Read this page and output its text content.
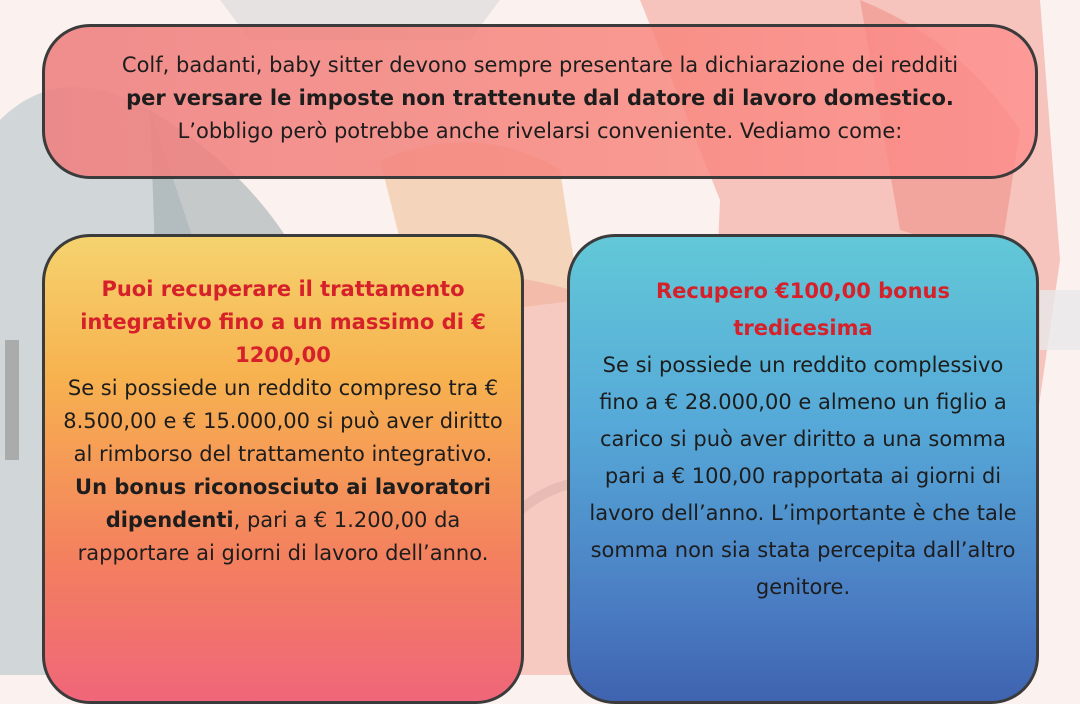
Colf, badanti, baby sitter devono sempre presentare la dichiarazione dei redditi
per versare le imposte non trattenute dal datore di lavoro domestico.
L’obbligo però potrebbe anche rivelarsi conveniente. Vediamo come:
Puoi recuperare il trattamento integrativo fino a un massimo di € 1200,00
Se si possiede un reddito compreso tra € 8.500,00 e € 15.000,00 si può aver diritto al rimborso del trattamento integrativo. Un bonus riconosciuto ai lavoratori dipendenti, pari a € 1.200,00 da rapportare ai giorni di lavoro dell’anno.
Recupero €100,00 bonus tredicesima
Se si possiede un reddito complessivo fino a € 28.000,00 e almeno un figlio a carico si può aver diritto a una somma pari a € 100,00 rapportata ai giorni di lavoro dell’anno. L’importante è che tale somma non sia stata percepita dall’altro genitore.
